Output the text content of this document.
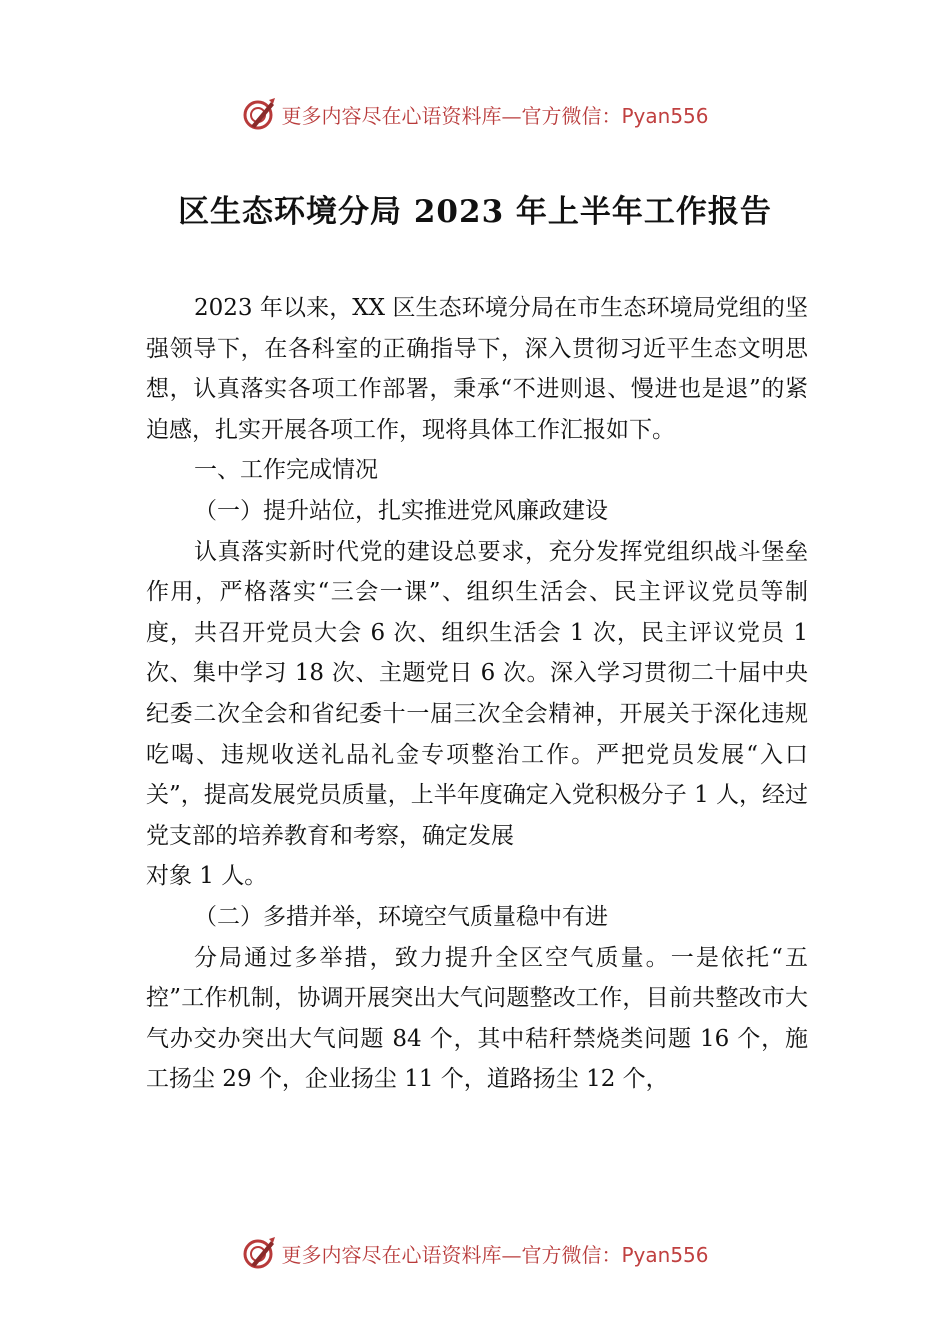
更多内容尽在心语资料库—官方微信：Pyan556
区生态环境分局 2023 年上半年工作报告

2023 年以来，XX 区生态环境分局在市生态环境局党组的坚强领导下，在各科室的正确指导下，深入贯彻习近平生态文明思想，认真落实各项工作部署，秉承“不进则退、慢进也是退”的紧迫感，扎实开展各项工作，现将具体工作汇报如下。

一、工作完成情况

（一）提升站位，扎实推进党风廉政建设

认真落实新时代党的建设总要求，充分发挥党组织战斗堡垒作用，严格落实“三会一课”、组织生活会、民主评议党员等制度，共召开党员大会 6 次、组织生活会 1 次，民主评议党员 1 次、集中学习 18 次、主题党日 6 次。深入学习贯彻二十届中央纪委二次全会和省纪委十一届三次全会精神，开展关于深化违规吃喝、违规收送礼品礼金专项整治工作。严把党员发展“入口关”，提高发展党员质量，上半年度确定入党积极分子 1 人，经过党支部的培养教育和考察，确定发展

对象 1 人。

（二）多措并举，环境空气质量稳中有进

分局通过多举措，致力提升全区空气质量。一是依托“五控”工作机制，协调开展突出大气问题整改工作，目前共整改市大气办交办突出大气问题 84 个，其中秸秆禁烧类问题 16 个，施工扬尘 29 个，企业扬尘 11 个，道路扬尘 12 个，

更多内容尽在心语资料库—官方微信：Pyan556
